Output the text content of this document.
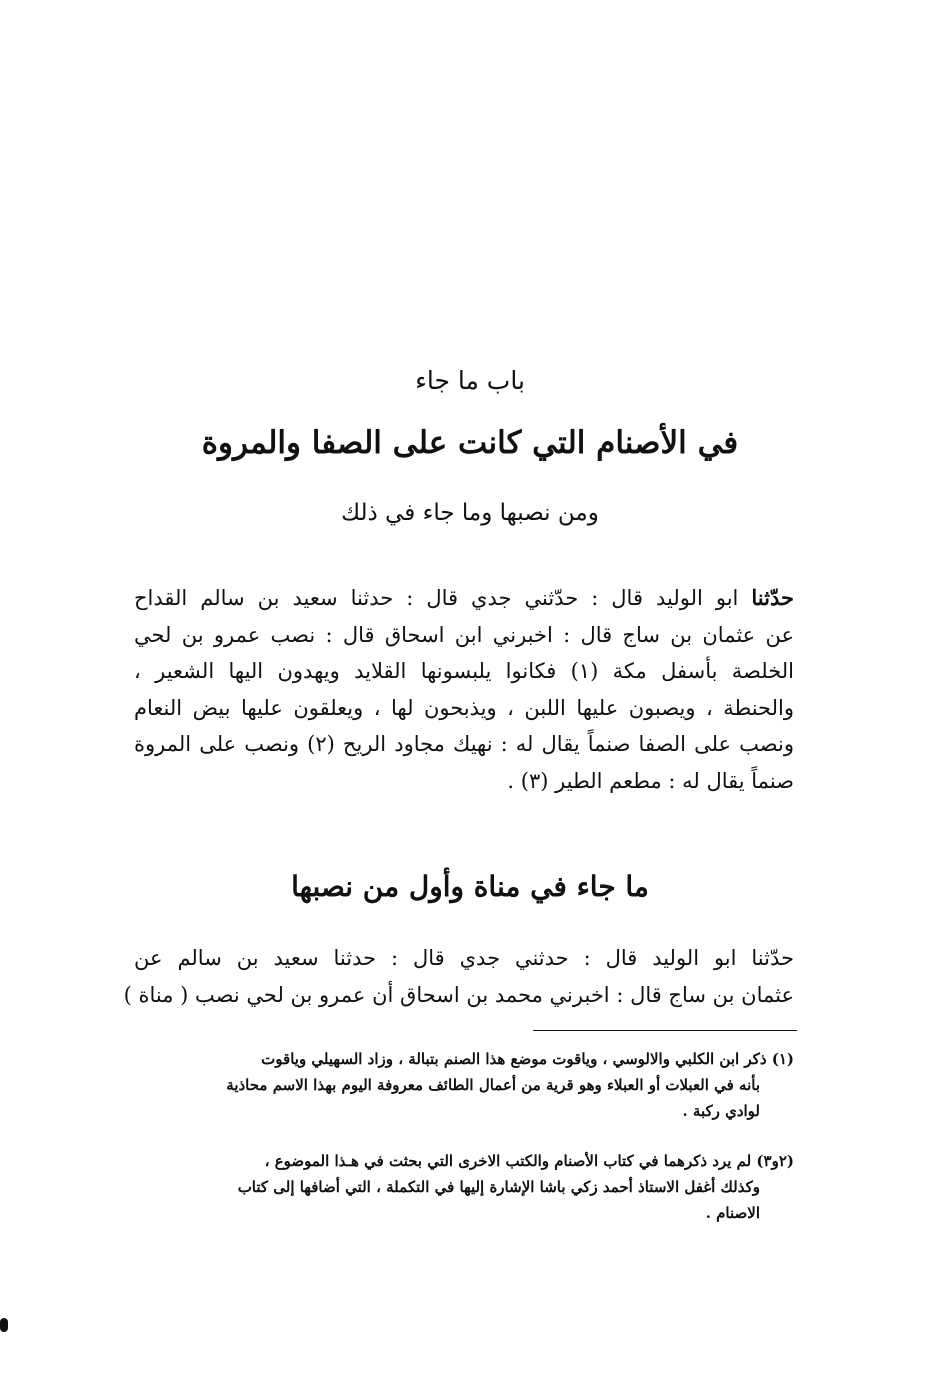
باب ما جاء
في الأصنام التي كانت على الصفا والمروة
ومن نصبها وما جاء في ذلك
حدّثنا ابو الوليد قال : حدّثني جدي قال : حدثنا سعيد بن سالم القداح
عن عثمان بن ساج قال : اخبرني ابن اسحاق قال : نصب عمرو بن لحي
الخلصة بأسفل مكة (١) فكانوا يلبسونها القلايد ويهدون اليها الشعير ،
والحنطة ، ويصبون عليها اللبن ، ويذبحون لها ، ويعلقون عليها بيض النعام
ونصب على الصفا صنماً يقال له : نهيك مجاود الريح (٢) ونصب على المروة
صنماً يقال له : مطعم الطير (٣) .
ما جاء في مناة وأول من نصبها
حدّثنا ابو الوليد قال : حدثني جدي قال : حدثنا سعيد بن سالم عن
عثمان بن ساج قال : اخبرني محمد بن اسحاق أن عمرو بن لحي نصب ( مناة )
(١) ذكر ابن الكلبي والالوسي ، وياقوت موضع هذا الصنم بتبالة ، وزاد السهيلي وياقوت
بأنه في العبلات أو العبلاء وهو قرية من أعمال الطائف معروفة اليوم بهذا الاسم محاذية
لوادي ركبة .
(٢و٣) لم يرد ذكرهما في كتاب الأصنام والكتب الاخرى التي بحثت في هـذا الموضوع ،
وكذلك أغفل الاستاذ أحمد زكي باشا الإشارة إليها في التكملة ، التي أضافها إلى كتاب
الاصنام .
